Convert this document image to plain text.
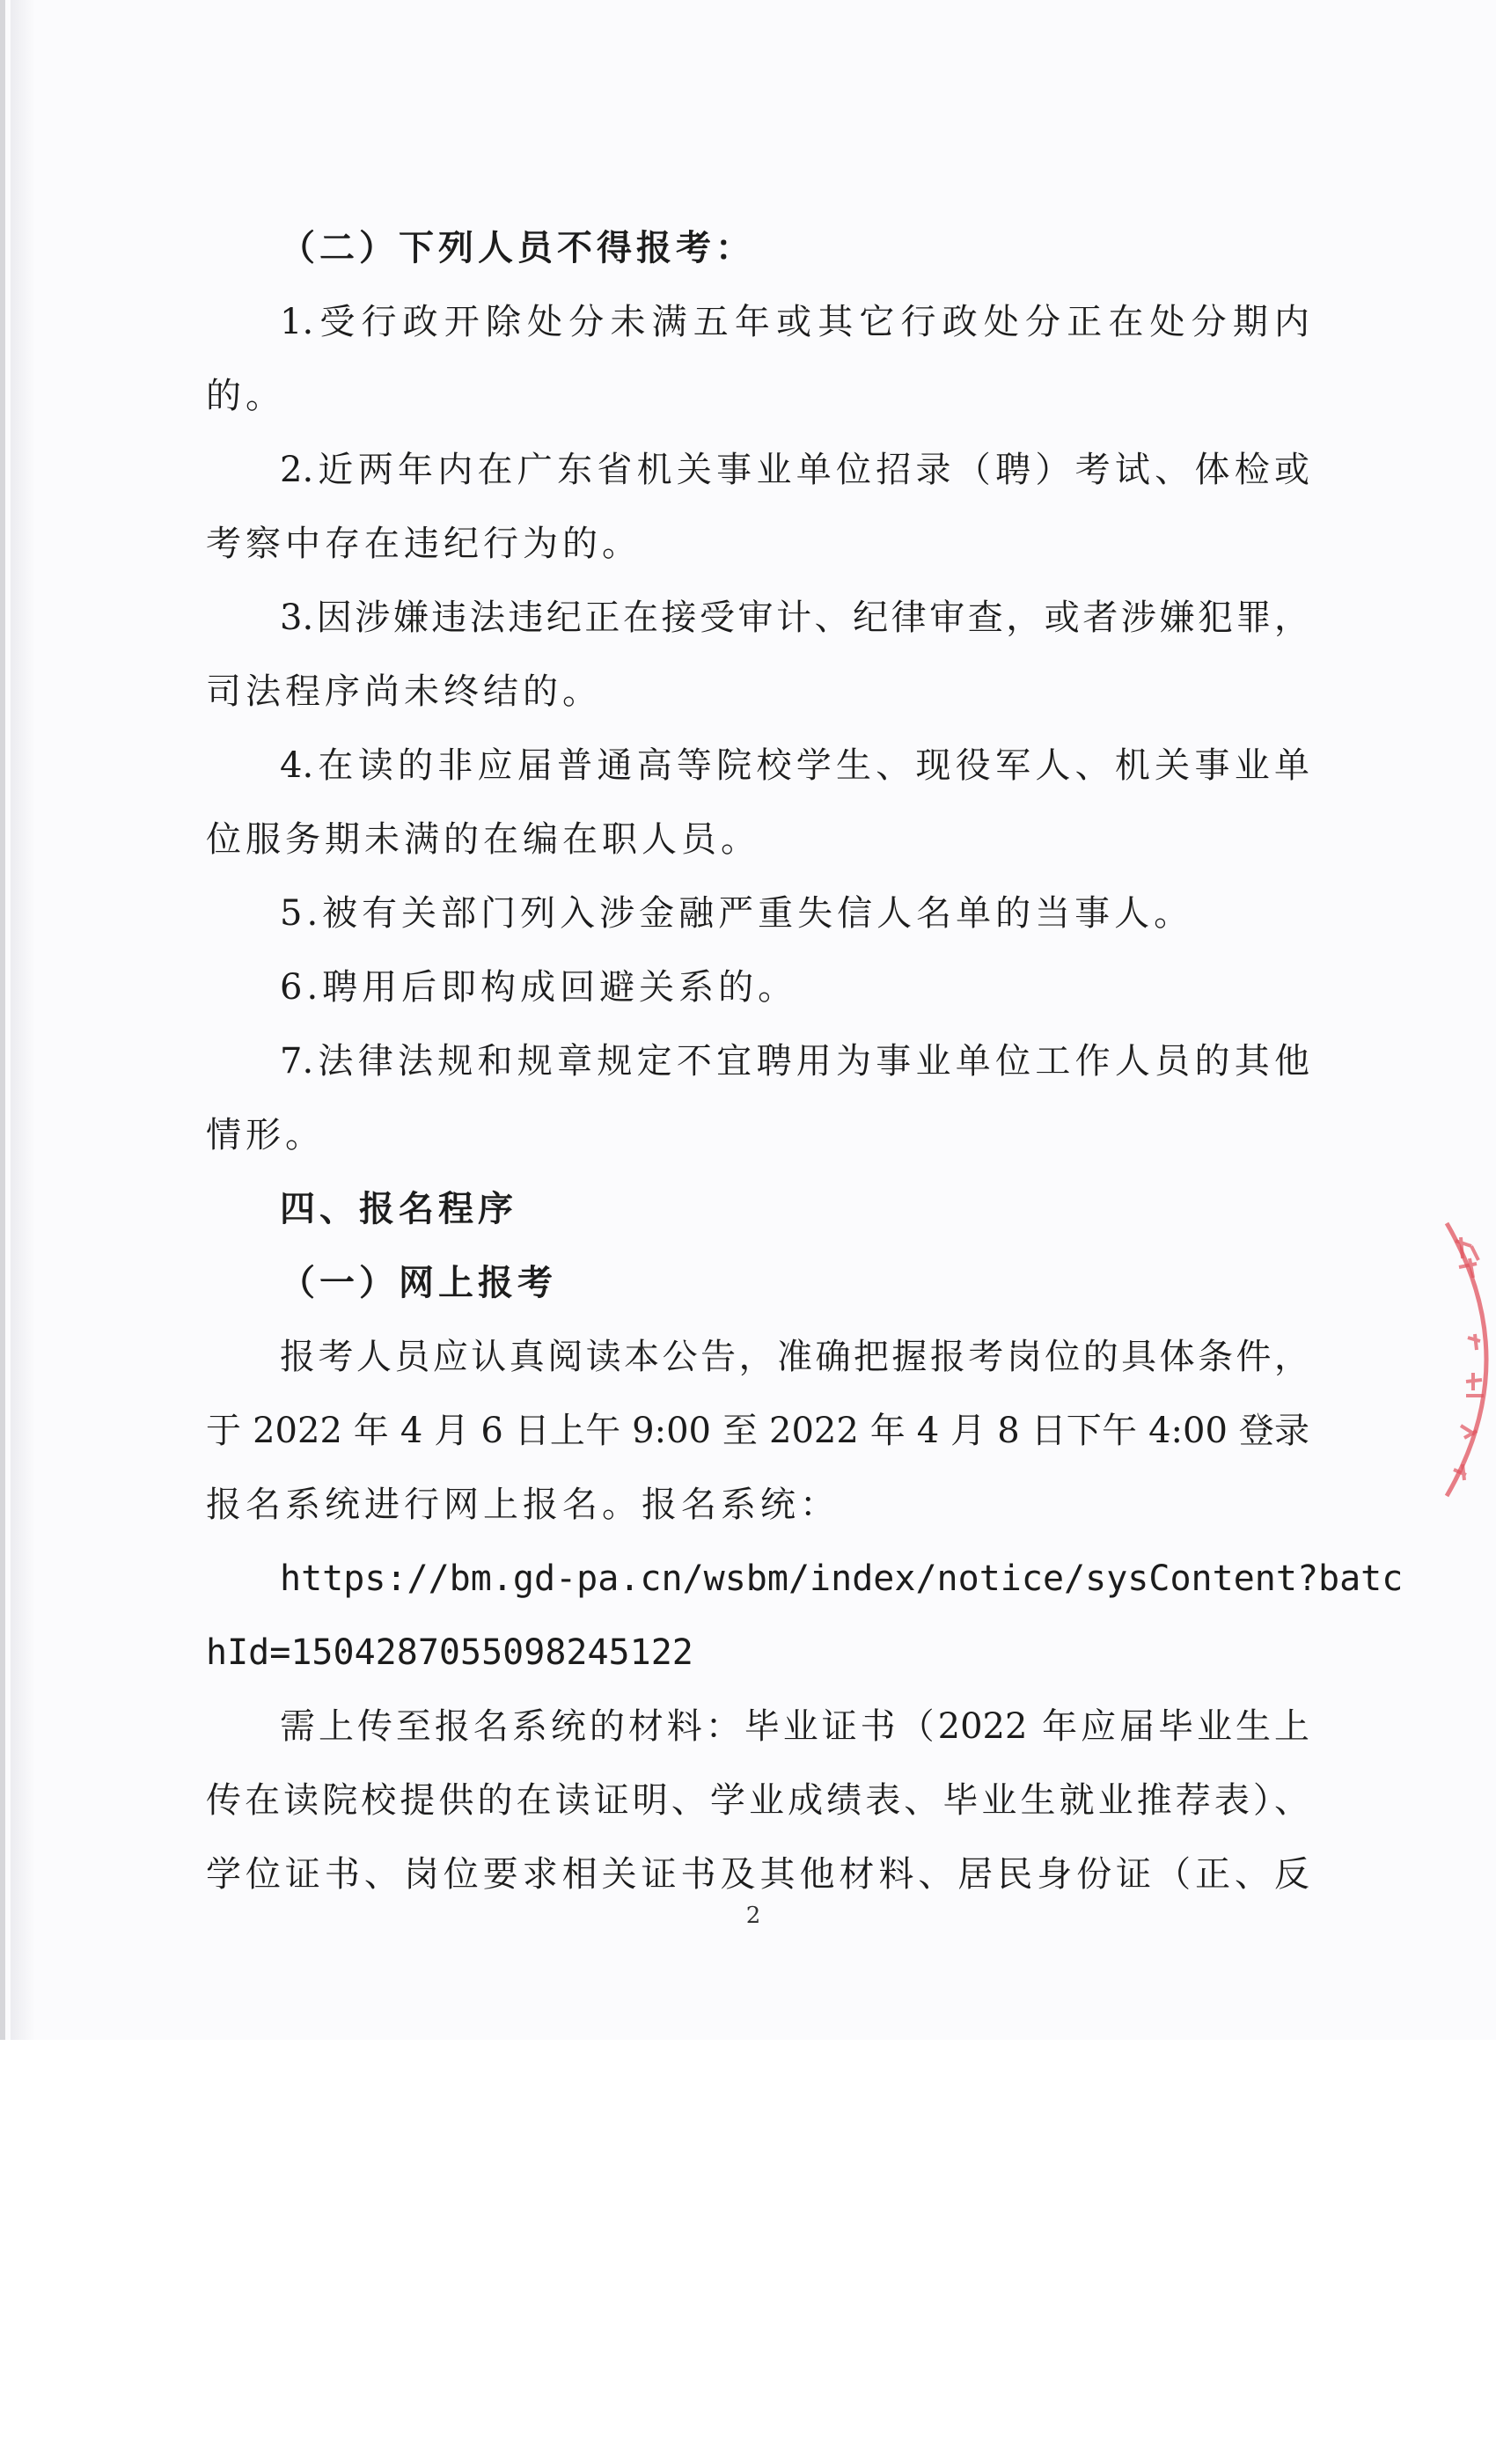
（二）下列人员不得报考：
1.受行政开除处分未满五年或其它行政处分正在处分期内
的。
2.近两年内在广东省机关事业单位招录（聘）考试、体检或
考察中存在违纪行为的。
3.因涉嫌违法违纪正在接受审计、纪律审查，或者涉嫌犯罪，
司法程序尚未终结的。
4.在读的非应届普通高等院校学生、现役军人、机关事业单
位服务期未满的在编在职人员。
5.被有关部门列入涉金融严重失信人名单的当事人。
6.聘用后即构成回避关系的。
7.法律法规和规章规定不宜聘用为事业单位工作人员的其他
情形。
四、报名程序
（一）网上报考
报考人员应认真阅读本公告，准确把握报考岗位的具体条件，
于 2022 年 4 月 6 日上午 9:00 至 2022 年 4 月 8 日下午 4:00 登录
报名系统进行网上报名。报名系统：
https://bm.gd-pa.cn/wsbm/index/notice/sysContent?batc
hId=1504287055098245122
需上传至报名系统的材料：毕业证书（2022 年应届毕业生上
传在读院校提供的在读证明、学业成绩表、毕业生就业推荐表）、
学位证书、岗位要求相关证书及其他材料、居民身份证（正、反
2
